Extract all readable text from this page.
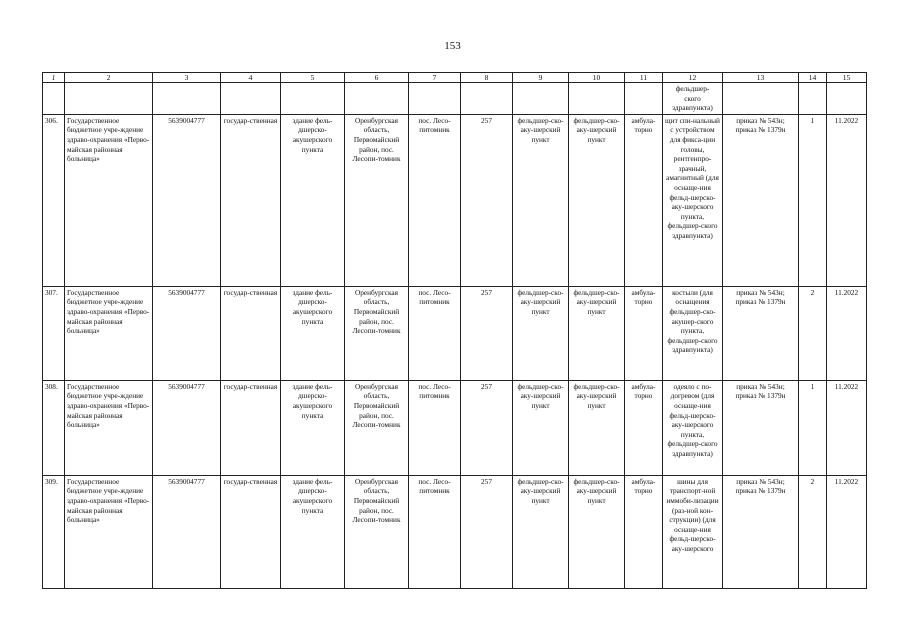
153
1	2	3	4	5	6	7	8	9	10	11	12	13	14	15
											фельдшер-
ского
здравпункта)			
306.	Государственное бюджетное учре-ждение здраво-охранения «Перво-майская районная больница»	5639004777	государ-ственная	здание фель-дшерско-акушерского пункта	Оренбургская область, Первомайский район, пос. Лесопи-томник	пос. Лесо-питомник	257	фельдшер-ско-аку-шерский пункт	фельдшер-ско-аку-шерский пункт	амбула-торно	щит спи-нальный с устройством для фикса-ции головы, рентгенпро-зрачный, амагнитный (для оснаще-ния фельд-шерско-аку-шерского пункта, фельдшер-ского здравпункта)	приказ № 543н; приказ № 1379н	1	11.2022
307.	Государственное бюджетное учре-ждение здраво-охранения «Перво-майская районная больница»	5639004777	государ-ственная	здание фель-дшерско-акушерского пункта	Оренбургская область, Первомайский район, пос. Лесопи-томник	пос. Лесо-питомник	257	фельдшер-ско-аку-шерский пункт	фельдшер-ско-аку-шерский пункт	амбула-торно	костыли (для оснащения фельдшер-ско-акушер-ского пункта, фельдшер-ского здравпункта)	приказ № 543н; приказ № 1379н	2	11.2022
308.	Государственное бюджетное учре-ждение здраво-охранения «Перво-майская районная больница»	5639004777	государ-ственная	здание фель-дшерско-акушерского пункта	Оренбургская область, Первомайский район, пос. Лесопи-томник	пос. Лесо-питомник	257	фельдшер-ско-аку-шерский пункт	фельдшер-ско-аку-шерский пункт	амбула-торно	одеяло с по-догревом (для оснаще-ния фельд-шерско-аку-шерского пункта, фельдшер-ского здравпункта)	приказ № 543н; приказ № 1379н	1	11.2022
309.	Государственное бюджетное учре-ждение здраво-охранения «Перво-майская районная больница»	5639004777	государ-ственная	здание фель-дшерско-акушерского пункта	Оренбургская область, Первомайский район, пос. Лесопи-томник	пос. Лесо-питомник	257	фельдшер-ско-аку-шерский пункт	фельдшер-ско-аку-шерский пункт	амбула-торно	шины для транспорт-ной иммоби-лизации (раз-ной кон-струкции) (для оснаще-ния фельд-шерско-аку-шерского	приказ № 543н; приказ № 1379н	2	11.2022
